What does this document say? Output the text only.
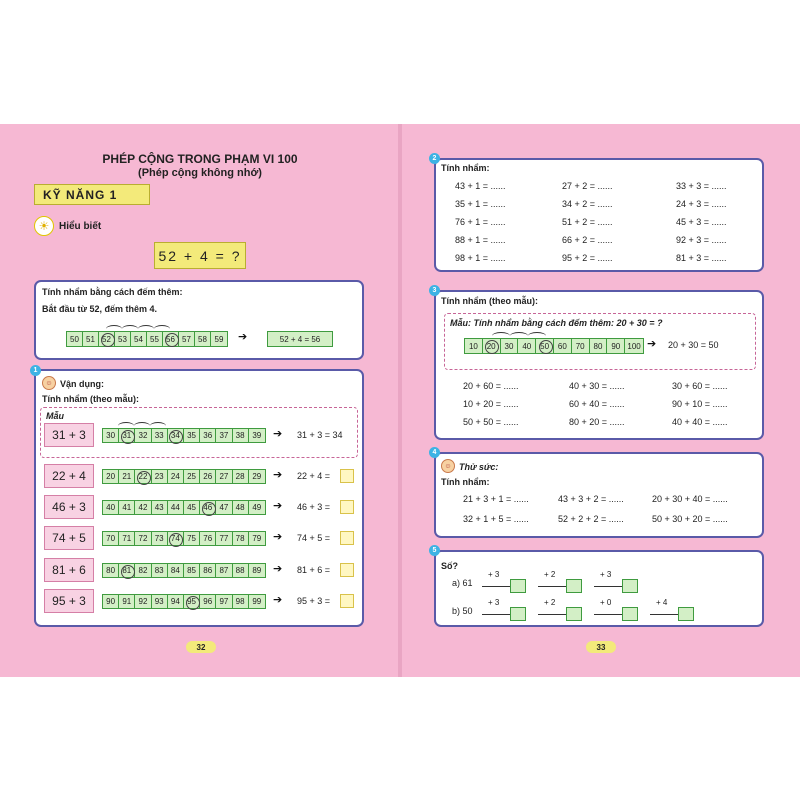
PHÉP CỘNG TRONG PHẠM VI 100
(Phép cộng không nhớ)
KỸ NĂNG 1
☀ Hiểu biết
52 + 4 = ?
Tính nhẩm bằng cách đếm thêm:
Bắt đầu từ 52, đếm thêm 4.
50 51 52 53 54 55 56 57 58 59	➔	52 + 4 = 56
1
☺ Vận dụng:
Tính nhẩm (theo mẫu):
Mẫu
32
2
Tính nhẩm:
3
Tính nhẩm (theo mẫu):
Mẫu: Tính nhẩm bằng cách đếm thêm: 20 + 30 = ?
10	20	30	40	50	60	70	80	90 100 ➔ 20 + 30 = 50
4
☺ Thử sức:
Tính nhẩm:
5
Số?
a) 61
b) 50
33
31 + 3	30 31 32 33 34 35 36 37 38 39	➔ 31 + 3 = 34
22 + 4	20 21 22 23 24 25 26 27 28 29	➔ 22 + 4 =
46 + 3	40 41 42 43 44 45 46 47 48 49	➔ 46 + 3 =
74 + 5	70 71 72 73 74 75 76 77 78 79	➔ 74 + 5 =
81 + 6	80 81 82 83 84 85 86 87 88 89	➔ 81 + 6 =
95 + 3	90 91 92 93 94 95 96 97 98 99	➔ 95 + 3 =
43 + 1 = ......	27 + 2 = ......	33 + 3 = ......
35 + 1 = ......	34 + 2 = ......	24 + 3 = ......
76 + 1 = ......	51 + 2 = ......	45 + 3 = ......
88 + 1 = ......	66 + 2 = ......	92 + 3 = ......
98 + 1 = ......	95 + 2 = ......	81 + 3 = ......
20 + 60 = ......	40 + 30 = ......	30 + 60 = ......
10 + 20 = ......	60 + 40 = ......	90 + 10 = ......
50 + 50 = ......	80 + 20 = ......	40 + 40 = ......
21 + 3 + 1 = ......	43 + 3 + 2 = ......	20 + 30 + 40 = ......
32 + 1 + 5 = ......	52 + 2 + 2 = ......	50 + 30 + 20 = ......
+ 3	+ 2	+ 3
+ 3	+ 2	+ 0	+ 4
